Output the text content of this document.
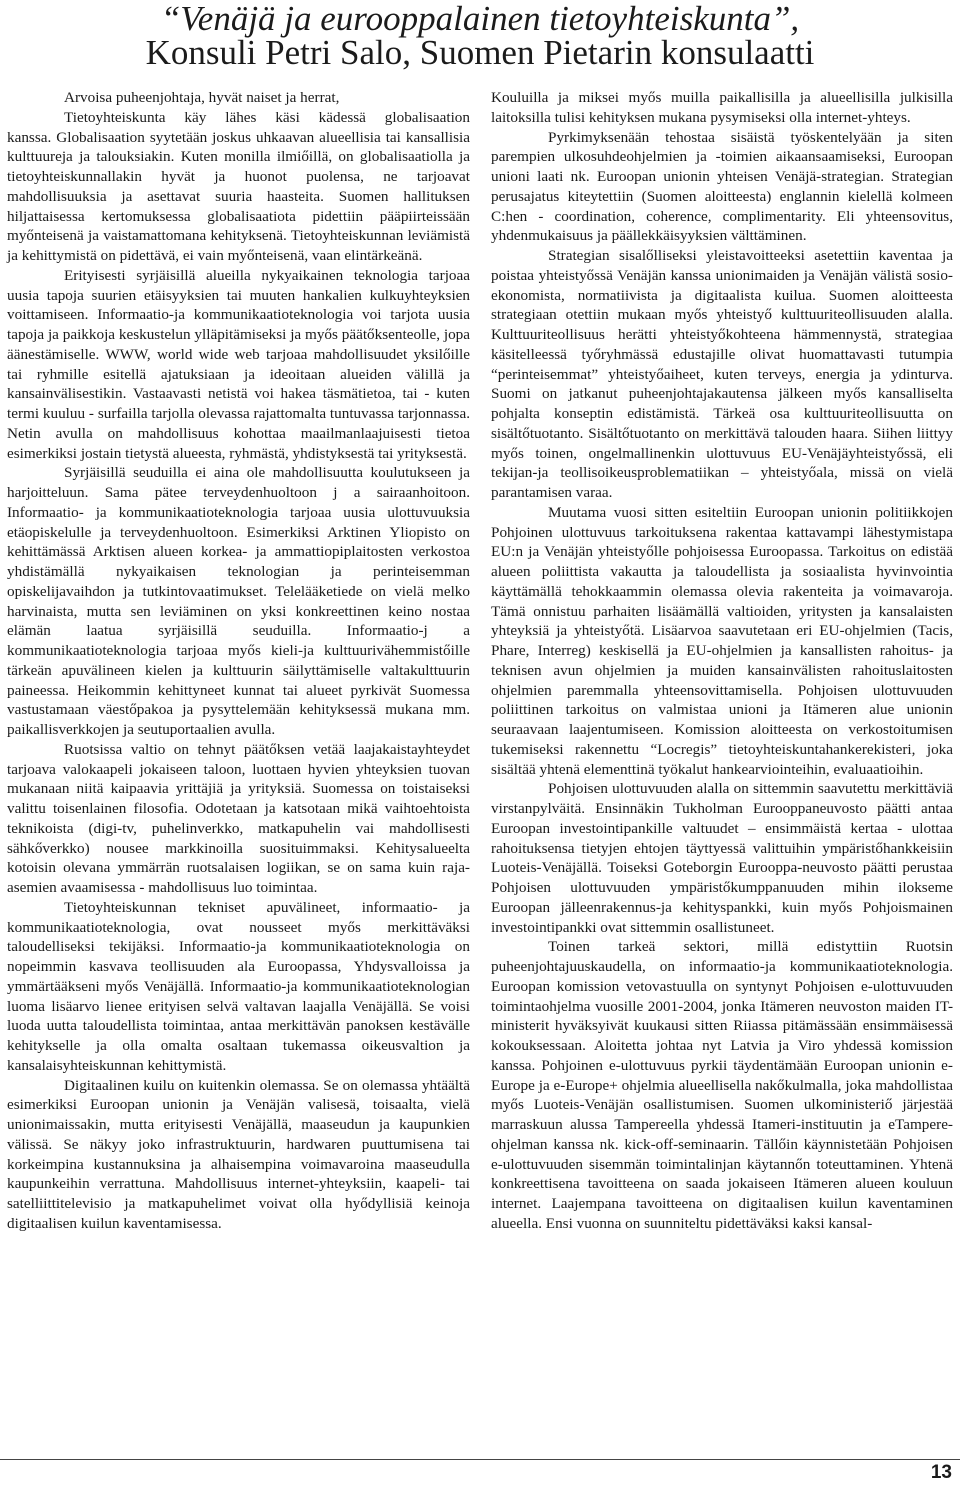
“Venäjä ja eurooppalainen tietoyhteiskunta”,
Konsuli Petri Salo, Suomen Pietarin konsulaatti

Arvoisa puheenjohtaja, hyvät naiset ja herrat,
Tietoyhteiskunta käy lähes käsi kädessä globalisaation
kanssa. Globalisaation syytetään joskus uhkaavan alueellisia tai kansallisia kulttuureja ja talouksiakin. Kuten monilla ilmiőillä, on globalisaatiolla ja tietoyhteiskunnallakin hyvät ja huonot puolensa, ne tarjoavat mahdollisuuksia ja asettavat suuria haasteita. Suomen hallituksen hiljattaisessa kertomuksessa globalisaatiota pidettiin pääpiirteissään myőnteisenä ja vaistamattomana kehityksenä. Tietoyhteiskunnan leviämistä ja kehittymistä on pidettävä, ei vain myőnteisenä, vaan elintärkeänä.

Erityisesti syrjäisillä alueilla nykyaikainen teknologia tarjoaa uusia tapoja suurien etäisyyksien tai muuten hankalien kulkuyhteyksien voittamiseen. Informaatio-ja kommunikaatioteknologia voi tarjota uusia tapoja ja paikkoja keskustelun ylläpitämiseksi ja myős päätőksenteolle, jopa äänestämiselle. WWW, world wide web tarjoaa mahdollisuudet yksilőille tai ryhmille esitellä ajatuksiaan ja ideoitaan alueiden välillä ja kansainvälisestikin. Vastaavasti netistä voi hakea täsmätietoa, tai - kuten termi kuuluu - surfailla tarjolla olevassa rajattomalta tuntuvassa tarjonnassa. Netin avulla on mahdollisuus kohottaa maailmanlaajuisesti tietoa esimerkiksi jostain tietystä alueesta, ryhmästä, yhdistyksestä tai yrityksestä.

Syrjäisillä seuduilla ei aina ole mahdollisuutta koulutukseen ja harjoitteluun. Sama pätee terveydenhuoltoon j a sairaanhoitoon. Informaatio- ja kommunikaatioteknologia tarjoaa uusia ulottuvuuksia etäopiskelulle ja terveydenhuoltoon. Esimerkiksi Arktinen Yliopisto on kehittämässä Arktisen alueen korkea- ja ammattiopiplaitosten verkostoa yhdistämällä nykyaikaisen teknologian ja perinteisemman opiskelijavaihdon ja tutkintovaatimukset. Telelääketiede on vielä melko harvinaista, mutta sen leviäminen on yksi konkreettinen keino nostaa elämän laatua syrjäisillä seuduilla. Informaatio-j a kommunikaatioteknologia tarjoaa myős kieli-ja kulttuurivähemmistőille tärkeän apuvälineen kielen ja kulttuurin säilyttämiselle valtakulttuurin paineessa. Heikommin kehittyneet kunnat tai alueet pyrkivät Suomessa vastustamaan väestőpakoa ja pysyttelemään kehityksessä mukana mm. paikallisverkkojen ja seutuportaalien avulla.

Ruotsissa valtio on tehnyt päätőksen vetää laajakaistayhteydet tarjoava valokaapeli jokaiseen taloon, luottaen hyvien yhteyksien tuovan mukanaan niitä kaipaavia yrittäjiä ja yrityksiä. Suomessa on toistaiseksi valittu toisenlainen filosofia. Odotetaan ja katsotaan mikä vaihtoehtoista teknikoista (digi-tv, puhelinverkko, matkapuhelin vai mahdollisesti sähkőverkko) nousee markkinoilla suosituimmaksi. Kehitysalueelta kotoisin olevana ymmärrän ruotsalaisen logiikan, se on sama kuin raja-asemien avaamisessa - mahdollisuus luo toimintaa.

Tietoyhteiskunnan tekniset apuvälineet, informaatio- ja kommunikaatioteknologia, ovat nousseet myős merkittäväksi taloudelliseksi tekijäksi. Informaatio-ja kommunikaatioteknologia on nopeimmin kasvava teollisuuden ala Euroopassa, Yhdysvalloissa ja ymmärtääkseni myős Venäjällä. Informaatio-ja kommunikaatioteknologian luoma lisäarvo lienee erityisen selvä valtavan laajalla Venäjällä. Se voisi luoda uutta taloudellista toimintaa, antaa merkittävän panoksen kestävälle kehitykselle ja olla omalta osaltaan tukemassa oikeusvaltion ja kansalaisyhteiskunnan kehittymistä.

Digitaalinen kuilu on kuitenkin olemassa. Se on olemassa yhtäältä esimerkiksi Euroopan unionin ja Venäjän valisesä, toisaalta, vielä unionimaissakin, mutta erityisesti Venäjällä, maaseudun ja kaupunkien välissä. Se näkyy joko infrastruktuurin, hardwaren puuttumisena tai korkeimpina kustannuksina ja alhaisempina voimavaroina maaseudulla kaupunkeihin verrattuna. Mahdollisuus internet-yhteyksiin, kaapeli- tai satelliittitelevisio ja matkapuhelimet voivat olla hyődyllisiä keinoja digitaalisen kuilun kaventamisessa.

Kouluilla ja miksei myős muilla paikallisilla ja alueellisilla julkisilla laitoksilla tulisi kehityksen mukana pysymiseksi olla internet-yhteys.

Pyrkimyksenään tehostaa sisäistä työskentelyään ja siten parempien ulkosuhdeohjelmien ja -toimien aikaansaamiseksi, Euroopan unioni laati nk. Euroopan unionin yhteisen Venäjä-strategian. Strategian perusajatus kiteytettiin (Suomen aloitteesta) englannin kielellä kolmeen C:hen - coordination, coherence, complimentarity. Eli yhteensovitus, yhdenmukaisuus ja päällekkäisyyksien välttäminen.

Strategian sisalőlliseksi yleistavoitteeksi asetettiin kaventaa ja poistaa yhteistyőssä Venäjän kanssa unionimaiden ja Venäjän välistä sosio-ekonomista, normatiivista ja digitaalista kuilua. Suomen aloitteesta strategiaan otettiin mukaan myős yhteistyő kulttuuriteollisuuden alalla. Kulttuuriteollisuus herätti yhteistyőkohteena hämmennystä, strategiaa käsitelleessä tyőryhmässä edustajille olivat huomattavasti tutumpia “perinteisemmat” yhteistyőaiheet, kuten terveys, energia ja ydinturva. Suomi on jatkanut puheenjohtajakautensa jälkeen myős kansalliselta pohjalta konseptin edistämistä. Tärkeä osa kulttuuriteollisuutta on sisältőtuotanto. Sisältőtuotanto on merkittävä talouden haara. Siihen liittyy myős toinen, ongelmallinenkin ulottuvuus EU-Venäjäyhteistyőssä, eli tekijan-ja teollisoikeusproblematiikan – yhteistyőala, missä on vielä parantamisen varaa.

Muutama vuosi sitten esiteltiin Euroopan unionin politiikkojen Pohjoinen ulottuvuus tarkoituksena rakentaa kattavampi lähestymistapa EU:n ja Venäjän yhteistyőlle pohjoisessa Euroopassa. Tarkoitus on edistää alueen poliittista vakautta ja taloudellista ja sosiaalista hyvinvointia käyttämällä tehokkaammin olemassa olevia rakenteita ja voimavaroja. Tämä onnistuu parhaiten lisäämällä valtioiden, yritysten ja kansalaisten yhteyksiä ja yhteistyőtä. Lisäarvoa saavutetaan eri EU-ohjelmien (Tacis, Phare, Interreg) keskisellä ja EU-ohjelmien ja kansallisten rahoitus- ja teknisen avun ohjelmien ja muiden kansainvälisten rahoituslaitosten ohjelmien paremmalla yhteensovittamisella. Pohjoisen ulottuvuuden poliittinen tarkoitus on valmistaa unioni ja Itämeren alue unionin seuraavaan laajentumiseen. Komission aloitteesta on verkostoitumisen tukemiseksi rakennettu “Locregis” tietoyhteiskuntahankerekisteri, joka sisältää yhtenä elementtinä työkalut hankearviointeihin, evaluaatioihin.

Pohjoisen ulottuvuuden alalla on sittemmin saavutettu merkittäviä virstanpylväitä. Ensinnäkin Tukholman Eurooppaneuvosto päätti antaa Euroopan investointipankille valtuudet – ensimmäistä kertaa - ulottaa rahoituksensa tietyjen ehtojen täyttyessä valittuihin ympäristőhankkeisiin Luoteis-Venäjällä. Toiseksi Goteborgin Eurooppa-neuvosto päätti perustaa Pohjoisen ulottuvuuden ympäristőkumppanuuden mihin ilokseme Euroopan jälleenrakennus-ja kehityspankki, kuin myős Pohjoismainen investointipankki ovat sittemmin osallistuneet.

Toinen tarkeä sektori, millä edistyttiin Ruotsin puheenjohtajuuskaudella, on informaatio-ja kommunikaatioteknologia. Euroopan komission vetovastuulla on syntynyt Pohjoisen e-ulottuvuuden toimintaohjelma vuosille 2001-2004, jonka Itämeren neuvoston maiden IT-ministerit hyväksyivät kuukausi sitten Riiassa pitämässään ensimmäisessä kokouksessaan. Aloitetta johtaa nyt Latvia ja Viro yhdessä komission kanssa. Pohjoinen e-ulottuvuus pyrkii täydentämään Euroopan unionin e-Europe ja e-Europe+ ohjelmia alueellisella nakőkulmalla, joka mahdollistaa myős Luoteis-Venäjän osallistumisen. Suomen ulkoministeriő järjestää marraskuun alussa Tampereella yhdessä Itameri-instituutin ja eTampere-ohjelman kanssa nk. kick-off-seminaarin. Tällőin käynnistetään Pohjoisen e-ulottuvuuden sisemmän toimintalinjan käytannőn toteuttaminen. Yhtenä konkreettisena tavoitteena on saada jokaiseen Itämeren alueen kouluun internet. Laajempana tavoitteena on digitaalisen kuilun kaventaminen alueella. Ensi vuonna on suunniteltu pidettäväksi kaksi kansal-

13
